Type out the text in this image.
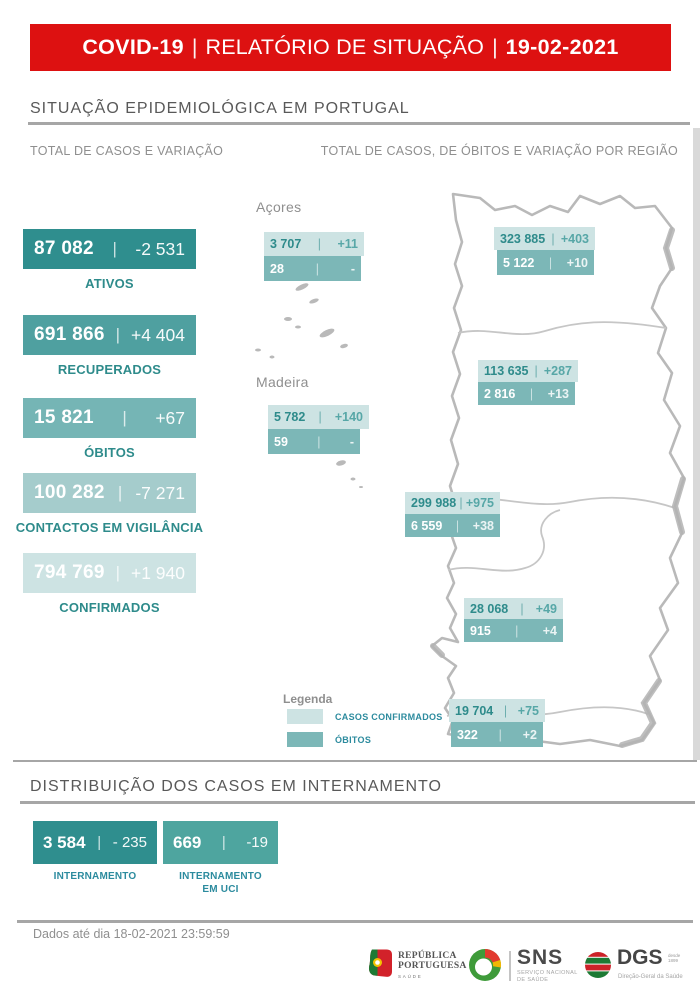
COVID-19 | RELATÓRIO DE SITUAÇÃO | 19-02-2021
SITUAÇÃO EPIDEMIOLÓGICA EM PORTUGAL
TOTAL DE CASOS E VARIAÇÃO	TOTAL DE CASOS, DE ÓBITOS E VARIAÇÃO POR REGIÃO
87 082 | -2 531
ATIVOS
691 866 | +4 404
RECUPERADOS
15 821 | +67
ÓBITOS
100 282 | -7 271
CONTACTOS EM VIGILÂNCIA
794 769 | +1 940
CONFIRMADOS
Açores
Madeira
3 707 | +11
28	|	-
5 782 | +140
59 | -
323 885 | +403
5 122 | +10
113 635 | +287
2 816 | +13
299 988 | +975
6 559 | +38
28 068 | +49
915 | +4
19 704 | +75
322 | +2
Legenda
CASOS CONFIRMADOS
ÓBITOS
DISTRIBUIÇÃO DOS CASOS EM INTERNAMENTO
3 584 | - 235
INTERNAMENTO
669 | -19
INTERNAMENTO
EM UCI
Dados até dia 18-02-2021 23:59:59
REPÚBLICA
PORTUGUESA
SAÚDE
SNS
SERVIÇO NACIONAL
DE SAÚDE
DGS desde
1899
Direção-Geral da Saúde
